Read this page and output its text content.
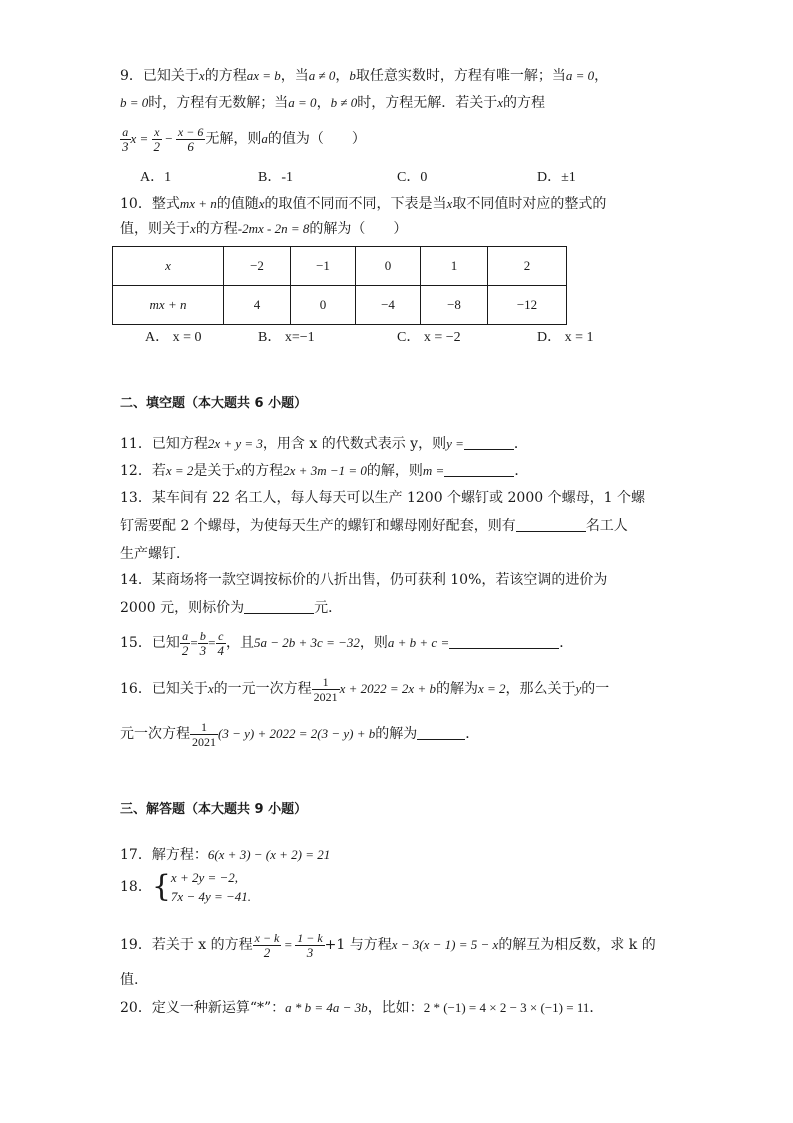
9．已知关于x的方程ax = b，当a ≠ 0，b取任意实数时，方程有唯一解；当a = 0，
b = 0时，方程有无数解；当a = 0，b ≠ 0时，方程无解．若关于x的方程
$\frac{a}{3}$ $x = \frac{x}{2} - \frac{x - 6}{6}$ 无解，则a的值为（　　）
A．1	B．-1	C．0	D．±1
10．整式mx + n的值随x的取值不同而不同，下表是当x取不同值时对应的整式的
值，则关于x的方程-2mx - 2n = 8的解为（　　）
x	−2	−1	0	1	2
mx + n	4	0	−4	−8	−12
A． x = 0	B． x=−1	C． x = −2	D． x = 1
二、填空题（本大题共 6 小题）
11．已知方程2x + y = 3，用含 x 的代数式表示 y，则y =	．
12．若x = 2是关于x的方程2x + 3m −1 = 0的解，则m =	．
13．某车间有 22 名工人，每人每天可以生产 1200 个螺钉或 2000 个螺母，1 个螺
钉需要配 2 个螺母，为使每天生产的螺钉和螺母刚好配套，则有	名工人
生产螺钉．
14．某商场将一款空调按标价的八折出售，仍可获利 10%，若该空调的进价为
2000 元，则标价为	元．
15．已知 $\frac{a}{2} = \frac{b}{3} = \frac{c}{4}$ ，且5a − 2b + 3c = −32，则a + b + c =	．
16．已知关于x的一元一次方程 $\frac{1}{2021}$ x + 2022 = 2x + b的解为x = 2，那么关于y的一
元一次方程 $\frac{1}{2021} (3 - y) + 2022 = 2(3 - y) + b$的解为	．
三、解答题（本大题共 9 小题）
17．解方程：6(x + 3) − (x + 2) = 21
18．{ x + 2y = −2,
7x − 4y = −41.
19．若关于 x 的方程 $\frac{x - k}{2} = \frac{1 - k}{3} +1$ 与方程x − 3(x − 1) = 5 − x的解互为相反数，求 k 的
值.
20．定义一种新运算“*”：a * b = 4a − 3b，比如：2 * (−1) = 4 × 2 − 3 × (−1) = 11．
